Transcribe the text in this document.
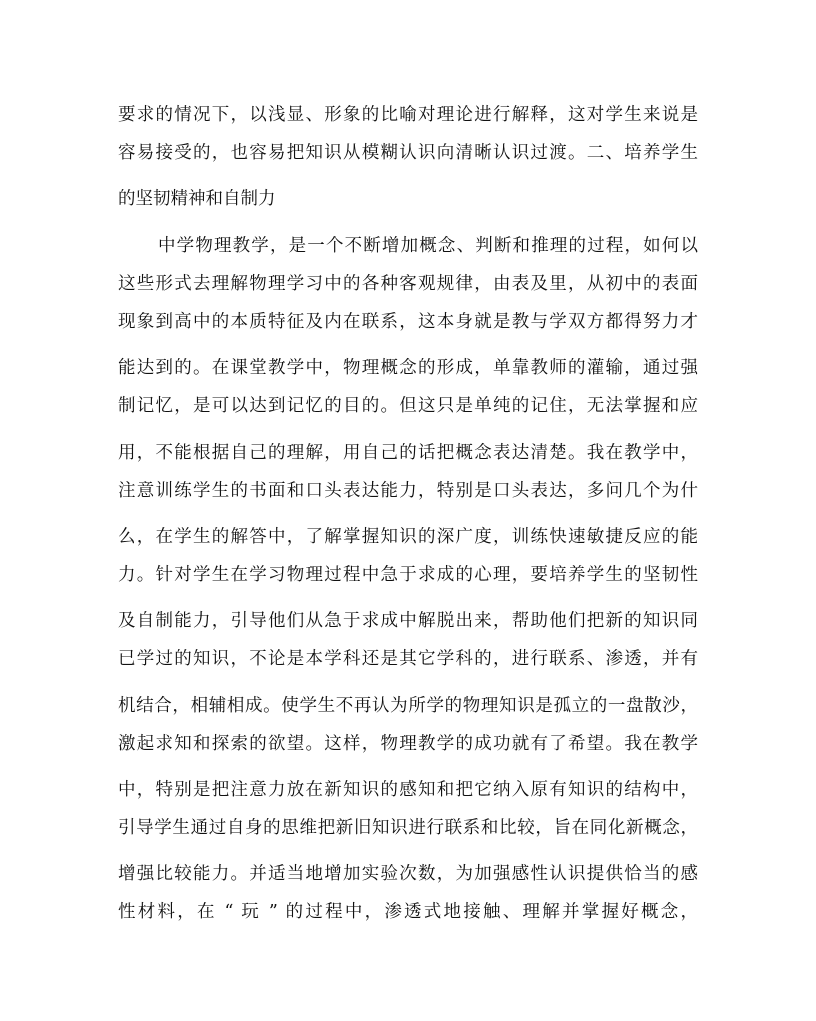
要求的情况下，以浅显、形象的比喻对理论进行解释，这对学生来说是
容易接受的，也容易把知识从模糊认识向清晰认识过渡。二、培养学生
的坚韧精神和自制力
中学物理教学，是一个不断增加概念、判断和推理的过程，如何以
这些形式去理解物理学习中的各种客观规律，由表及里，从初中的表面
现象到高中的本质特征及内在联系，这本身就是教与学双方都得努力才
能达到的。在课堂教学中，物理概念的形成，单靠教师的灌输，通过强
制记忆，是可以达到记忆的目的。但这只是单纯的记住，无法掌握和应
用，不能根据自己的理解，用自己的话把概念表达清楚。我在教学中，
注意训练学生的书面和口头表达能力，特别是口头表达，多问几个为什
么，在学生的解答中，了解掌握知识的深广度，训练快速敏捷反应的能
力。针对学生在学习物理过程中急于求成的心理，要培养学生的坚韧性
及自制能力，引导他们从急于求成中解脱出来，帮助他们把新的知识同
已学过的知识，不论是本学科还是其它学科的，进行联系、渗透，并有
机结合，相辅相成。使学生不再认为所学的物理知识是孤立的一盘散沙，
激起求知和探索的欲望。这样，物理教学的成功就有了希望。我在教学
中，特别是把注意力放在新知识的感知和把它纳入原有知识的结构中，
引导学生通过自身的思维把新旧知识进行联系和比较，旨在同化新概念，
增强比较能力。并适当地增加实验次数，为加强感性认识提供恰当的感
性材料，在 “ 玩 ” 的过程中，渗透式地接触、理解并掌握好概念，
